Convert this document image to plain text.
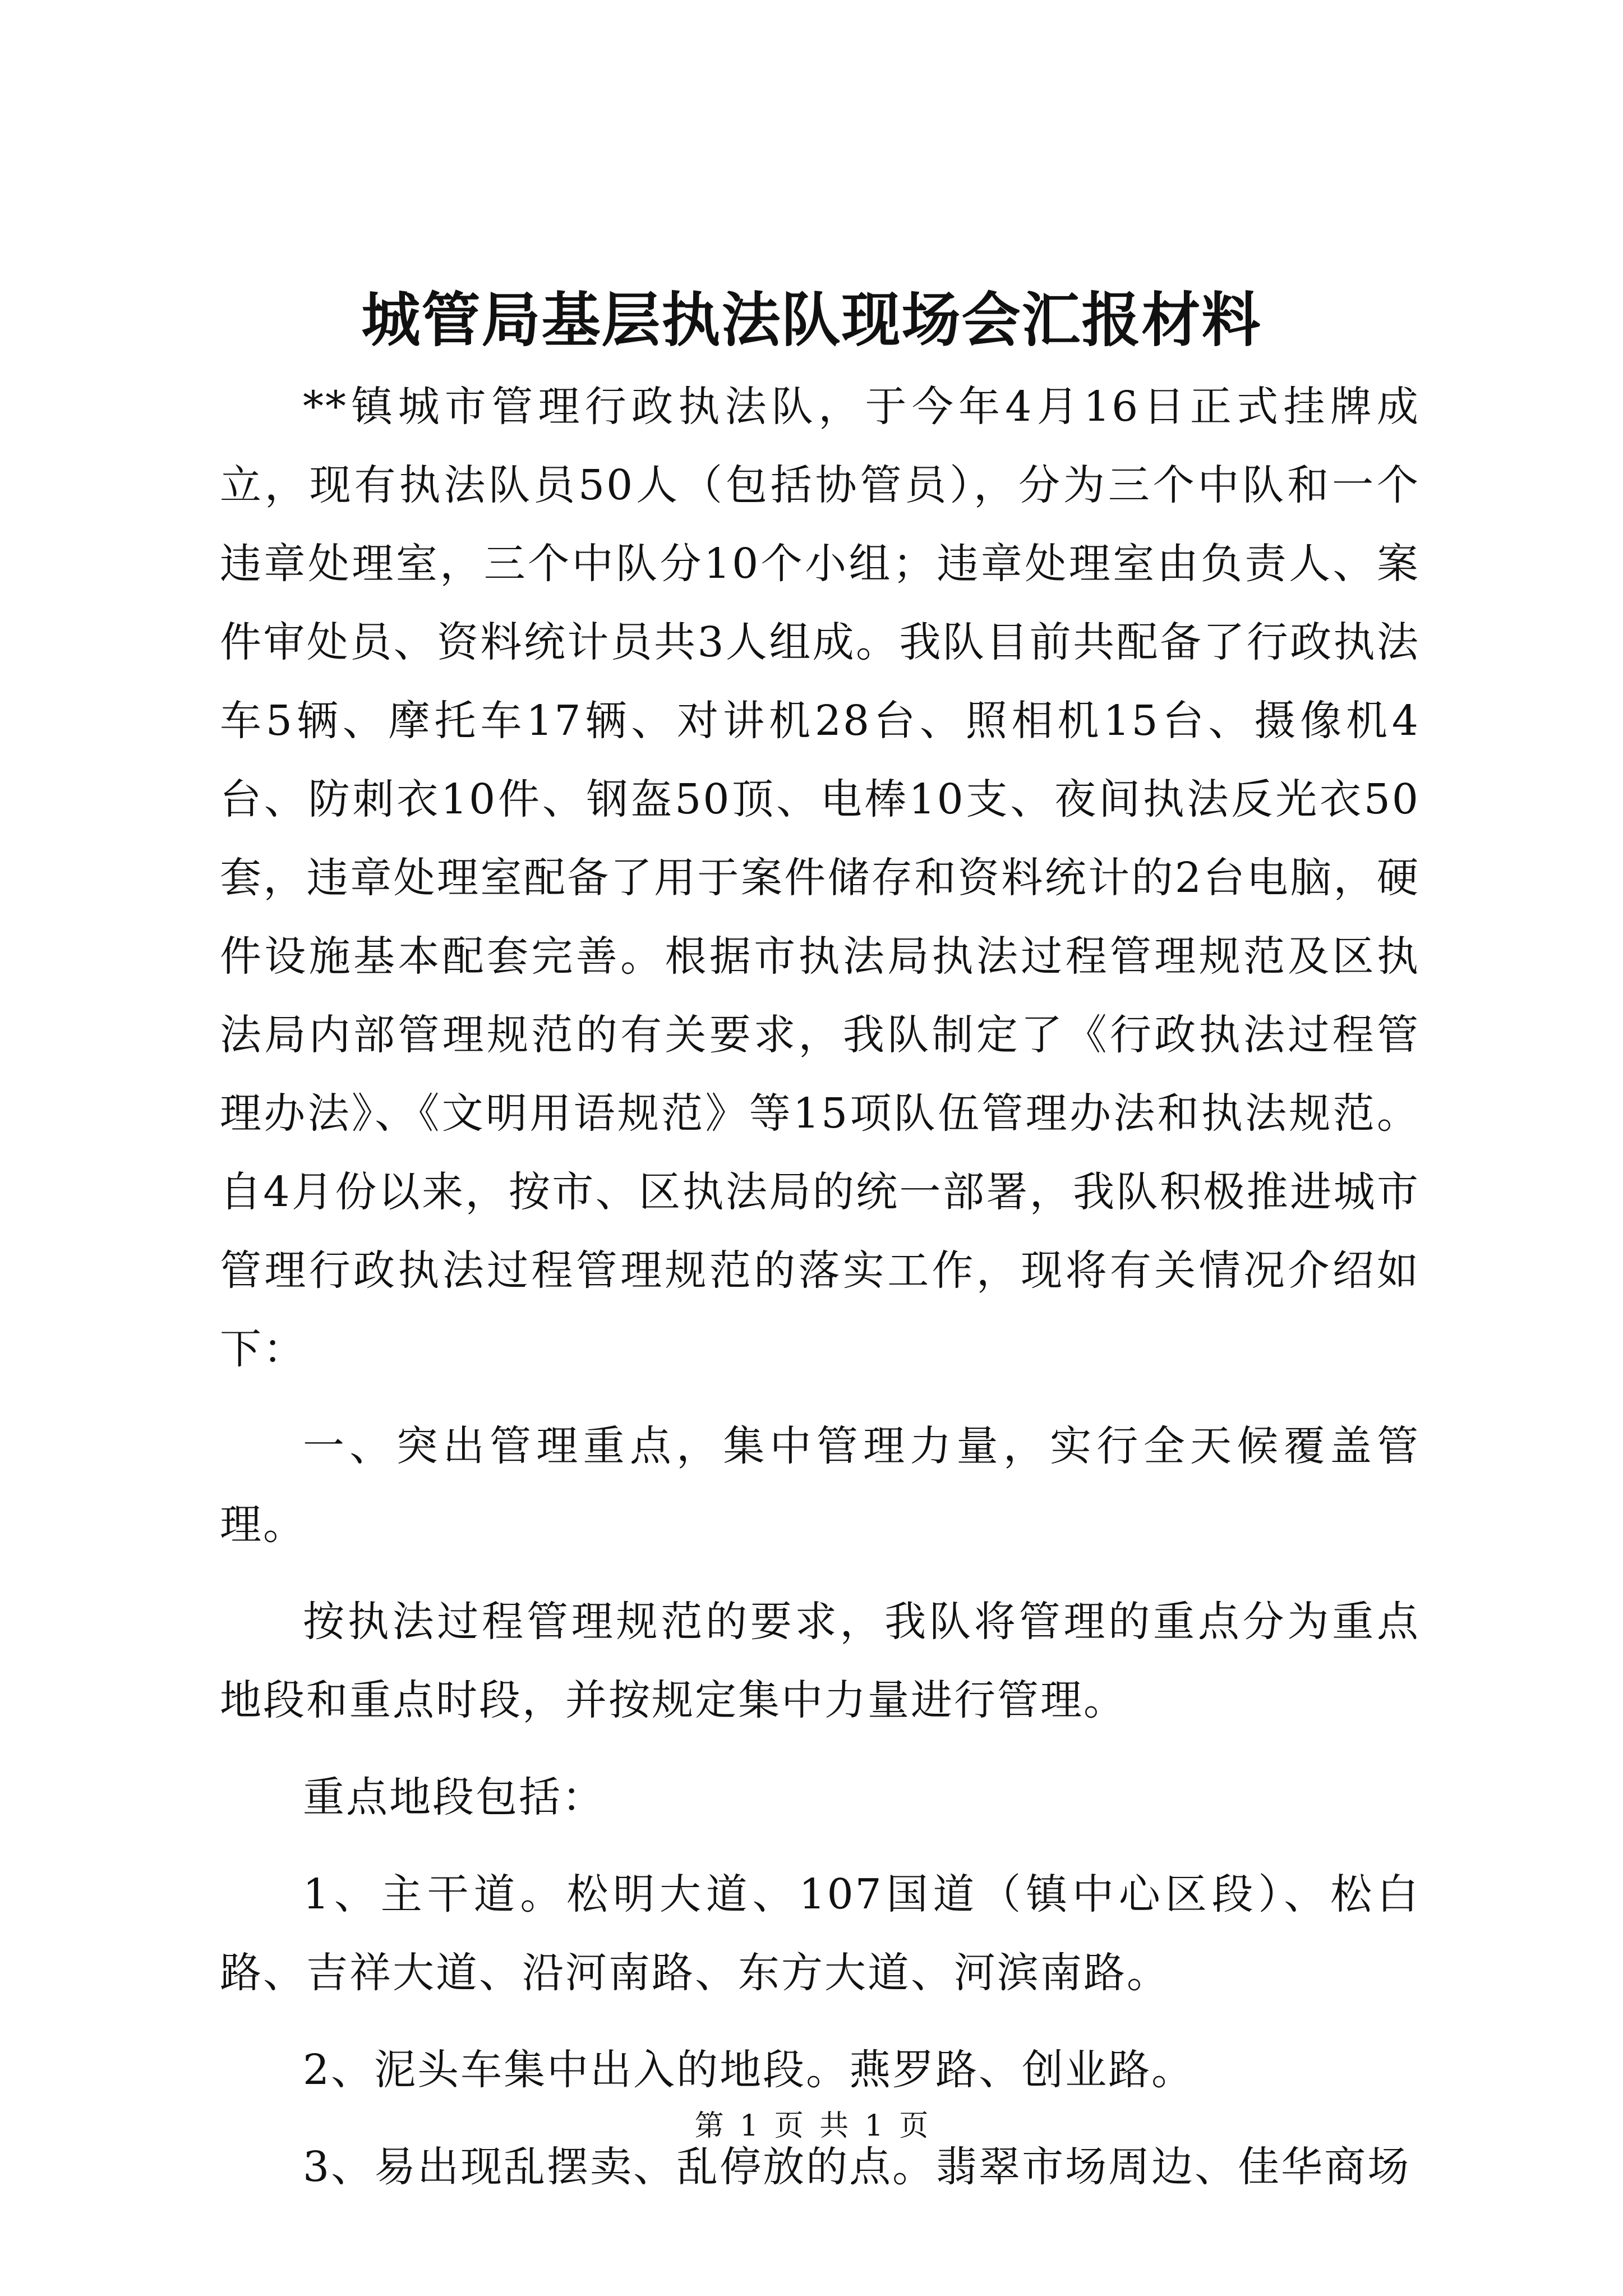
城管局基层执法队现场会汇报材料

**镇城市管理行政执法队，于今年4月16日正式挂牌成立，现有执法队员50人（包括协管员），分为三个中队和一个违章处理室，三个中队分10个小组；违章处理室由负责人、案件审处员、资料统计员共3人组成。我队目前共配备了行政执法车5辆、摩托车17辆、对讲机28台、照相机15台、摄像机4台、防刺衣10件、钢盔50顶、电棒10支、夜间执法反光衣50套，违章处理室配备了用于案件储存和资料统计的2台电脑，硬件设施基本配套完善。根据市执法局执法过程管理规范及区执法局内部管理规范的有关要求，我队制定了《行政执法过程管理办法》、《文明用语规范》等15项队伍管理办法和执法规范。自4月份以来，按市、区执法局的统一部署，我队积极推进城市管理行政执法过程管理规范的落实工作，现将有关情况介绍如下：

一、突出管理重点，集中管理力量，实行全天候覆盖管理。

按执法过程管理规范的要求，我队将管理的重点分为重点地段和重点时段，并按规定集中力量进行管理。

重点地段包括：

1、主干道。松明大道、107国道（镇中心区段）、松白路、吉祥大道、沿河南路、东方大道、河滨南路。

2、泥头车集中出入的地段。燕罗路、创业路。

3、易出现乱摆卖、乱停放的点。翡翠市场周边、佳华商场

第 1 页 共 1 页
